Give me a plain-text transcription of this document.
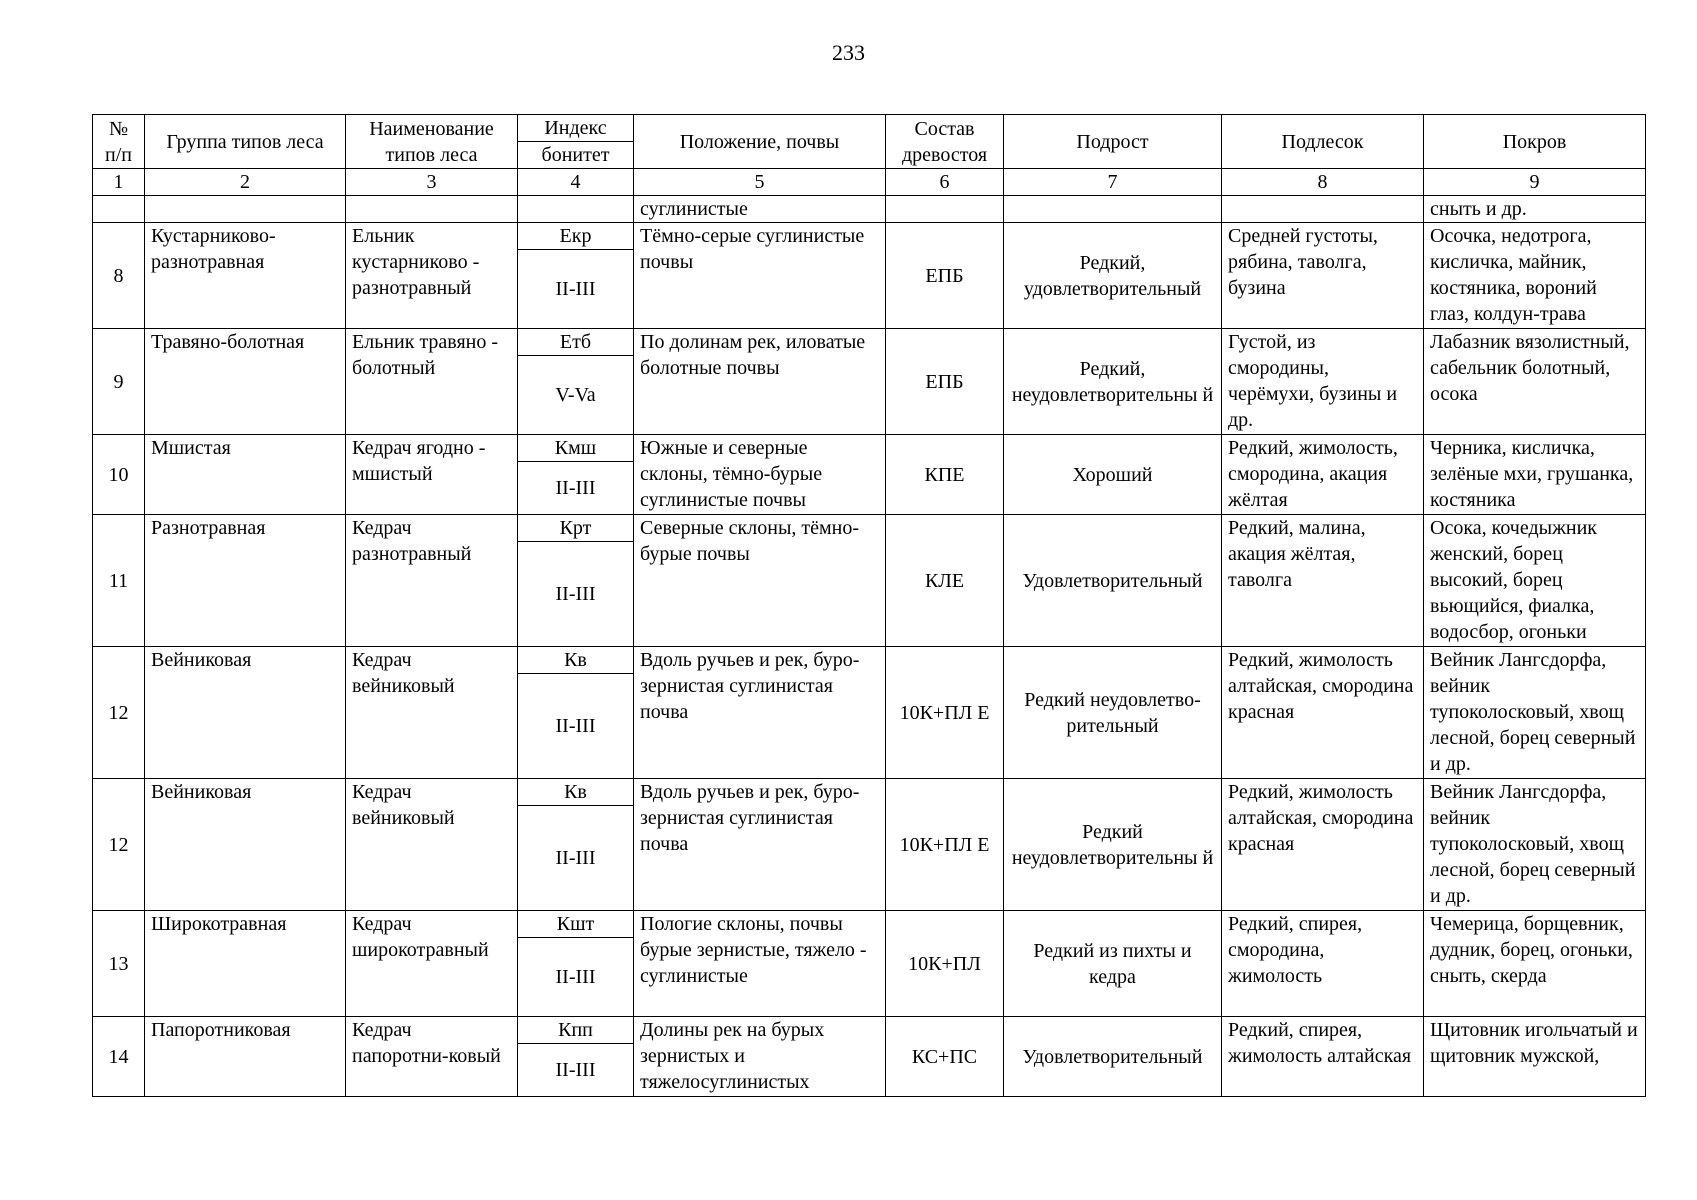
233
№ п/п	Группа типов леса	Наименование типов леса	Индекс	Положение, почвы	Состав древостоя	Подрост	Подлесок	Покров
			бонитет					
1	2	3	4	5	6	7	8	9
				суглинистые				сныть и др.
8	Кустарниково-разнотравная	Ельник кустарниково - разнотравный	Екр	Тёмно-серые суглинистые почвы	ЕПБ	Редкий, удовлетворительный	Средней густоты, рябина, таволга, бузина	Осочка, недотрога, кисличка, майник, костяника, вороний глаз, колдун-трава
			II-III					
9	Травяно-болотная	Ельник травяно - болотный	Етб	По долинам рек, иловатые болотные почвы	ЕПБ	Редкий, неудовлетворительны й	Густой, из смородины, черёмухи, бузины и др.	Лабазник вязолистный, сабельник болотный, осока
			V-Va					
10	Мшистая	Кедрач ягодно - мшистый	Кмш	Южные и северные склоны, тёмно-бурые суглинистые почвы	КПЕ	Хороший	Редкий, жимолость, смородина, акация жёлтая	Черника, кисличка, зелёные мхи, грушанка, костяника
			II-III					
11	Разнотравная	Кедрач разнотравный	Крт	Северные склоны, тёмно-бурые почвы	КЛЕ	Удовлетворительный	Редкий, малина, акация жёлтая, таволга	Осока, кочедыжник женский, борец высокий, борец вьющийся, фиалка, водосбор, огоньки
			II-III					
12	Вейниковая	Кедрач вейниковый	Кв	Вдоль ручьев и рек, буро-зернистая суглинистая почва	10К+ПЛ Е	Редкий неудовлетво-рительный	Редкий, жимолость алтайская, смородина красная	Вейник Лангсдорфа, вейник тупоколосковый, хвощ лесной, борец северный и др.
			II-III					
12	Вейниковая	Кедрач вейниковый	Кв	Вдоль ручьев и рек, буро-зернистая суглинистая почва	10К+ПЛ Е	Редкий неудовлетворительны й	Редкий, жимолость алтайская, смородина красная	Вейник Лангсдорфа, вейник тупоколосковый, хвощ лесной, борец северный и др.
			II-III					
13	Широкотравная	Кедрач широкотравный	Кшт	Пологие склоны, почвы бурые зернистые, тяжело - суглинистые	10К+ПЛ	Редкий из пихты и кедра	Редкий, спирея, смородина, жимолость	Чемерица, борщевник, дудник, борец, огоньки, сныть, скерда
			II-III					
14	Папоротниковая	Кедрач папоротни-ковый	Кпп	Долины рек на бурых зернистых и тяжелосуглинистых	КС+ПС	Удовлетворительный	Редкий, спирея, жимолость алтайская	Щитовник игольчатый и щитовник мужской,
			II-III					
